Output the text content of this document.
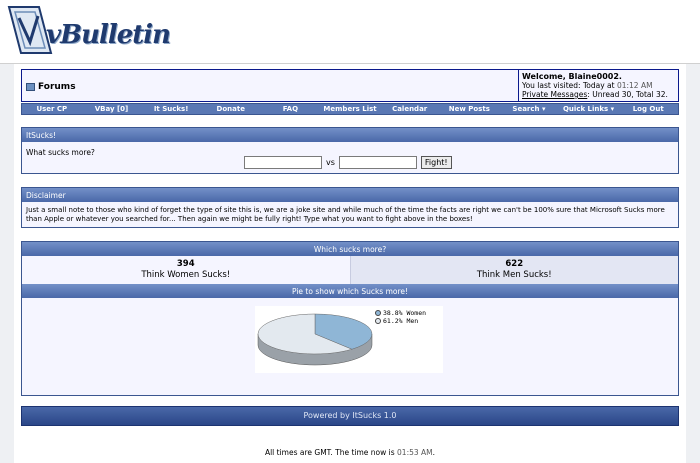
vBulletin
Forums
Welcome, Blaine0002.
You last visited: Today at 01:12 AM
Private Messages: Unread 30, Total 32.
User CP	VBay [0]	It Sucks!	Donate	FAQ	Members List	Calendar	New Posts	Search ▾	Quick Links ▾	Log Out
ItSucks!
What sucks more?
vs	Fight!
Disclaimer
Just a small note to those who kind of forget the type of site this is, we are a joke site and while much of the time the facts are right we can't be 100% sure that Microsoft Sucks more than Apple or whatever you searched for... Then again we might be fully right! Type what you want to fight above in the boxes!
Which sucks more?
394
Think Women Sucks!
622
Think Men Sucks!
Pie to show which Sucks more!
38.8% Women
61.2% Men
Powered by ItSucks 1.0
All times are GMT. The time now is 01:53 AM.
